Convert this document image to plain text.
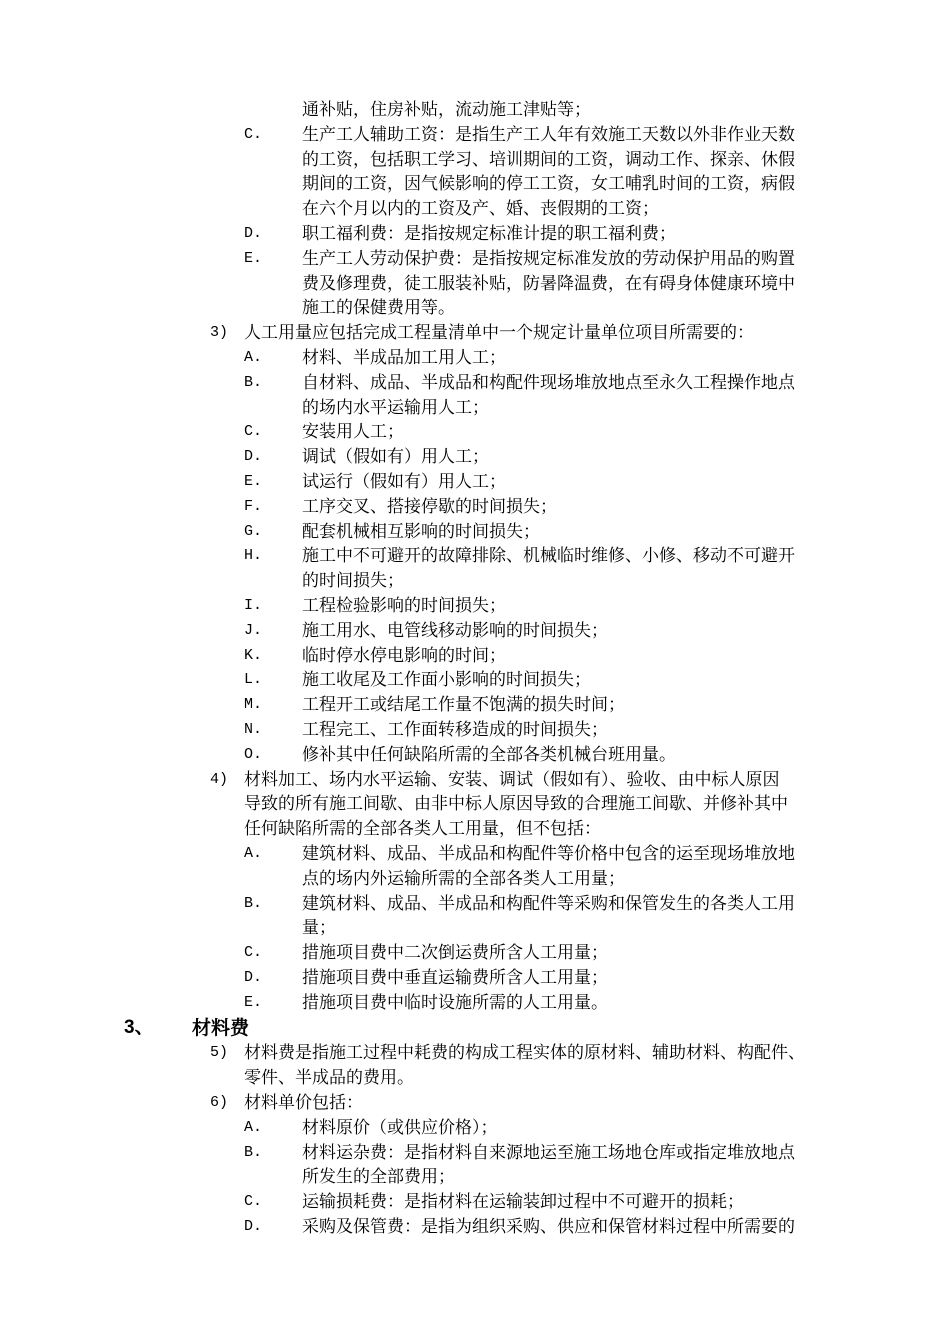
通补贴，住房补贴，流动施工津贴等；
C. 生产工人辅助工资：是指生产工人年有效施工天数以外非作业天数
的工资，包括职工学习、培训期间的工资，调动工作、探亲、休假
期间的工资，因气候影响的停工工资，女工哺乳时间的工资，病假
在六个月以内的工资及产、婚、丧假期的工资；
D. 职工福利费：是指按规定标准计提的职工福利费；
E. 生产工人劳动保护费：是指按规定标准发放的劳动保护用品的购置
费及修理费，徒工服装补贴，防暑降温费，在有碍身体健康环境中
施工的保健费用等。
3) 人工用量应包括完成工程量清单中一个规定计量单位项目所需要的：
A. 材料、半成品加工用人工；
B. 自材料、成品、半成品和构配件现场堆放地点至永久工程操作地点
的场内水平运输用人工；
C. 安装用人工；
D. 调试（假如有）用人工；
E. 试运行（假如有）用人工；
F. 工序交叉、搭接停歇的时间损失；
G. 配套机械相互影响的时间损失；
H. 施工中不可避开的故障排除、机械临时维修、小修、移动不可避开
的时间损失；
I. 工程检验影响的时间损失；
J. 施工用水、电管线移动影响的时间损失；
K. 临时停水停电影响的时间；
L. 施工收尾及工作面小影响的时间损失；
M. 工程开工或结尾工作量不饱满的损失时间；
N. 工程完工、工作面转移造成的时间损失；
O. 修补其中任何缺陷所需的全部各类机械台班用量。
4) 材料加工、场内水平运输、安装、调试（假如有）、验收、由中标人原因
导致的所有施工间歇、由非中标人原因导致的合理施工间歇、并修补其中
任何缺陷所需的全部各类人工用量，但不包括：
A. 建筑材料、成品、半成品和构配件等价格中包含的运至现场堆放地
点的场内外运输所需的全部各类人工用量；
B. 建筑材料、成品、半成品和构配件等采购和保管发生的各类人工用
量；
C. 措施项目费中二次倒运费所含人工用量；
D. 措施项目费中垂直运输费所含人工用量；
E. 措施项目费中临时设施所需的人工用量。
3、 材料费
5) 材料费是指施工过程中耗费的构成工程实体的原材料、辅助材料、构配件、
零件、半成品的费用。
6) 材料单价包括：
A. 材料原价（或供应价格）；
B. 材料运杂费：是指材料自来源地运至施工场地仓库或指定堆放地点
所发生的全部费用；
C. 运输损耗费：是指材料在运输装卸过程中不可避开的损耗；
D. 采购及保管费：是指为组织采购、供应和保管材料过程中所需要的
